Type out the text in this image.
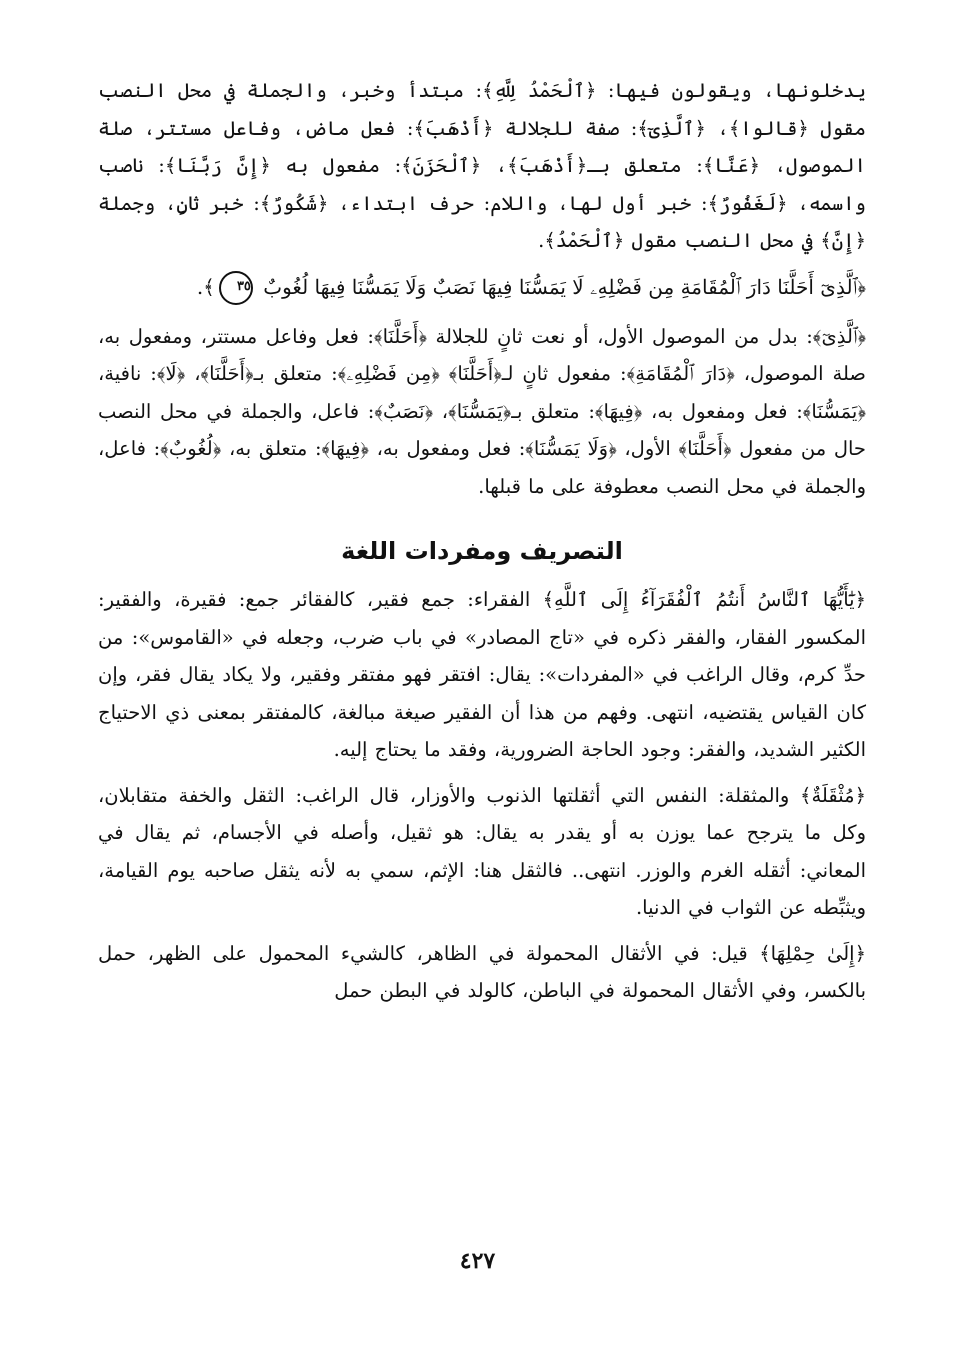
يدخلونها، ويقولون فيها: ﴿ٱلْحَمْدُ لِلَّهِ﴾: مبتدأ وخبر، والجملة في محل النصب مقول ﴿قالوا﴾، ﴿ٱلَّذِىٓ﴾: صفة للجلالة ﴿أَذْهَبَ﴾: فعل ماض، وفاعل مستتر، صلة الموصول، ﴿عَنَّا﴾: متعلق بـ﴿أَذْهَبَ﴾، ﴿ٱلْحَزَنَ﴾: مفعول به ﴿إِنَّ رَبَّنَا﴾: ناصب واسمه، ﴿لَغَفُورٌ﴾: خبر أول لها، واللام: حرف ابتداء، ﴿شَكُورٌ﴾: خبر ثانٍ، وجملة ﴿إِنَّ﴾ في محل النصب مقول ﴿ٱلْحَمْدُ﴾.

﴿ٱلَّذِىٓ أَحَلَّنَا دَارَ ٱلْمُقَامَةِ مِن فَضْلِهِۦ لَا يَمَسُّنَا فِيهَا نَصَبٌ وَلَا يَمَسُّنَا فِيهَا لُغُوبٌ ٣٥﴾.

﴿ٱلَّذِىٓ﴾: بدل من الموصول الأول، أو نعت ثانٍ للجلالة ﴿أَحَلَّنَا﴾: فعل وفاعل مستتر، ومفعول به، صلة الموصول، ﴿دَارَ ٱلْمُقَامَةِ﴾: مفعول ثانٍ لـ﴿أَحَلَّنَا﴾ ﴿مِن فَضْلِهِۦ﴾: متعلق بـ﴿أَحَلَّنَا﴾، ﴿لَا﴾: نافية، ﴿يَمَسُّنَا﴾: فعل ومفعول به، ﴿فِيهَا﴾: متعلق بـ﴿يَمَسُّنَا﴾، ﴿نَصَبٌ﴾: فاعل، والجملة في محل النصب حال من مفعول ﴿أَحَلَّنَا﴾ الأول، ﴿وَلَا يَمَسُّنَا﴾: فعل ومفعول به، ﴿فِيهَا﴾: متعلق به، ﴿لُغُوبٌ﴾: فاعل، والجملة في محل النصب معطوفة على ما قبلها.

التصريف ومفردات اللغة

﴿يَٰٓأَيُّهَا ٱلنَّاسُ أَنتُمُ ٱلْفُقَرَآءُ إِلَى ٱللَّهِ﴾ الفقراء: جمع فقير، كالفقائر جمع: فقيرة، والفقير: المكسور الفقار، والفقر ذكره في «تاج المصادر» في باب ضرب، وجعله في «القاموس»: من حدِّ كرم، وقال الراغب في «المفردات»: يقال: افتقر فهو مفتقر وفقير، ولا يكاد يقال فقر، وإن كان القياس يقتضيه، انتهى. وفهم من هذا أن الفقير صيغة مبالغة، كالمفتقر بمعنى ذي الاحتياج الكثير الشديد، والفقر: وجود الحاجة الضرورية، وفقد ما يحتاج إليه.

﴿مُثْقَلَةٌ﴾ والمثقلة: النفس التي أثقلتها الذنوب والأوزار، قال الراغب: الثقل والخفة متقابلان، وكل ما يترجح عما يوزن به أو يقدر به يقال: هو ثقيل، وأصله في الأجسام، ثم يقال في المعاني: أثقله الغرم والوزر. انتهى.. فالثقل هنا: الإثم، سمي به لأنه يثقل صاحبه يوم القيامة، ويثبِّطه عن الثواب في الدنيا.

﴿إِلَىٰ حِمْلِهَا﴾ قيل: في الأثقال المحمولة في الظاهر، كالشيء المحمول على الظهر، حمل بالكسر، وفي الأثقال المحمولة في الباطن، كالولد في البطن حمل

٤٢٧
